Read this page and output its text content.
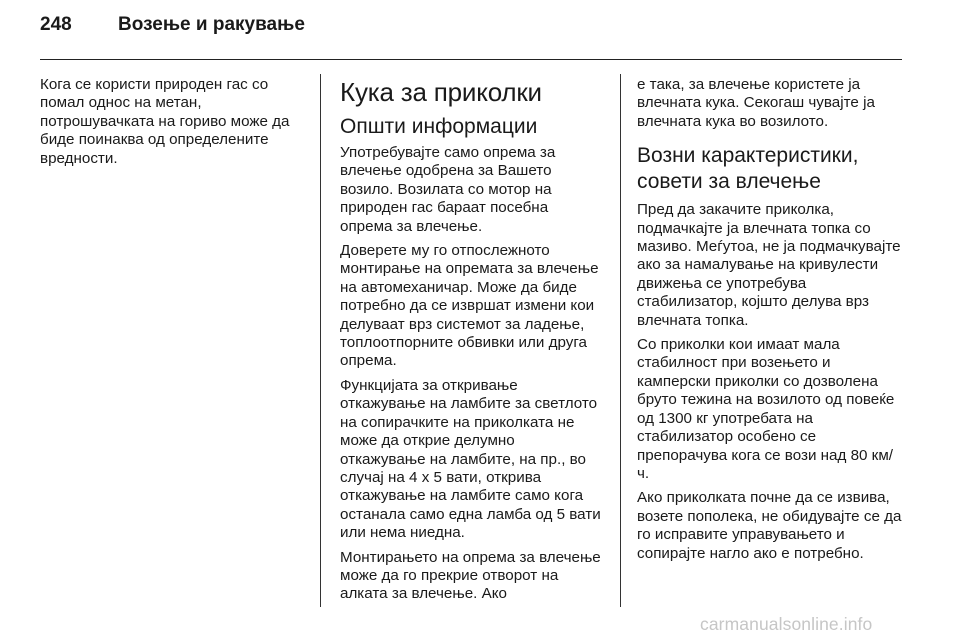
248	Возење и ракување

Кога се користи природен гас со помал однос на метан, потрошувачката на гориво може да биде поинаква од определените вредности.

Кука за приколки
Општи информации

Употребувајте само опрема за влечење одобрена за Вашето возило. Возилата со мотор на природен гас бараат посебна опрема за влечење.

Доверете му го отпослежното монтирање на опремата за влечење на автомеханичар. Може да биде потребно да се извршат измени кои делуваат врз системот за ладење, топлоотпорните обвивки или друга опрема.

Функцијата за откривање откажување на ламбите за светлото на сопирачките на приколката не може да открие делумно откажување на ламбите, на пр., во случај на 4 x 5 вати, открива откажување на ламбите само кога останала само една ламба од 5 вати или нема ниедна.

Монтирањето на опрема за влечење може да го прекрие отворот на алката за влечење. Ако

е така, за влечење користете ја влечната кука. Секогаш чувајте ја влечната кука во возилото.

Возни карактеристики, совети за влечење

Пред да закачите приколка, подмачкајте ја влечната топка со мазиво. Меѓутоа, не ја подмачкувајте ако за намалување на кривулести движења се употребува стабилизатор, којшто делува врз влечната топка.

Со приколки кои имаат мала стабилност при возењето и камперски приколки со дозволена бруто тежина на возилото од повеќе од 1300 кг употребата на стабилизатор особено се препорачува кога се вози над 80 км/ч.

Ако приколката почне да се извива, возете пополека, не обидувајте се да го исправите управувањето и сопирајте нагло ако е потребно.

carmanualsonline.info
